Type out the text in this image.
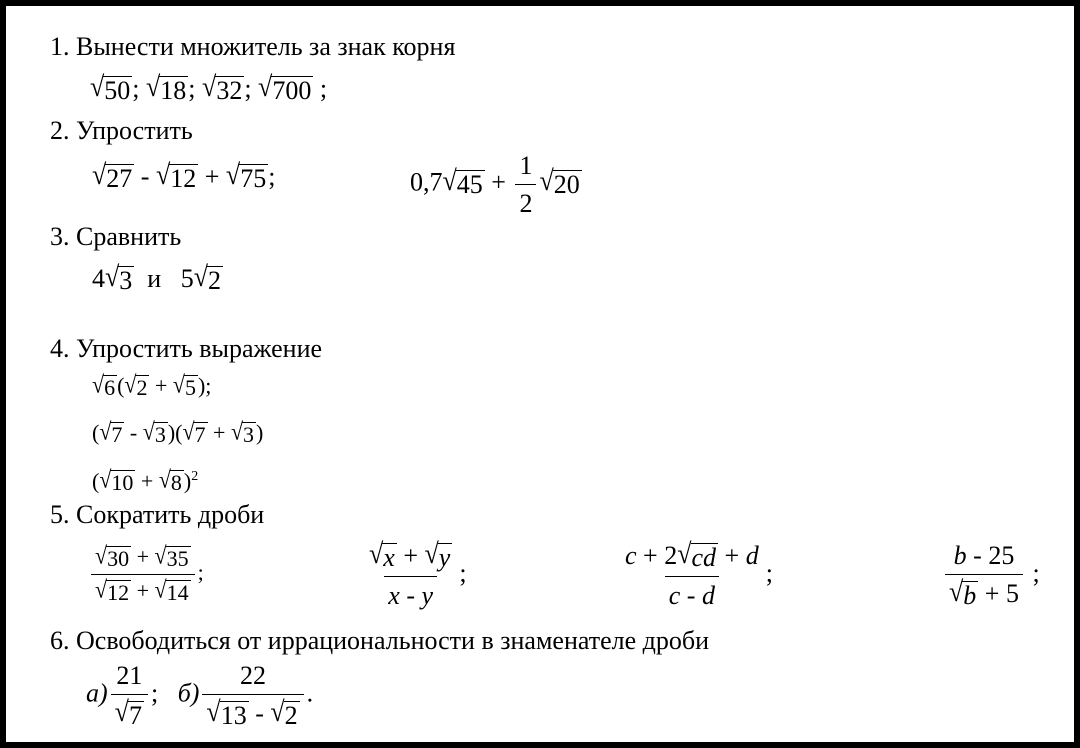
1. Вынести множитель за знак корня
√ 50 ; √ 18 ; √ 32 ; √ 700 ;
2. Упростить
√ 27 - √ 12 + √ 75 ;	0,7 √ $45 + \frac{1}{2}$ √ 20
3. Сравнить
4 √ 3 и 5 √ 2
4. Упростить выражение
√ 6 ( √ 2 + √ 5 );
( √ 7 - √ 3 )( √ 7 + √ 3 )
( √ 10 + √ 8 )$^2$
5. Сократить дроби
$\frac{√ 30 + √ 35}{√ 12 + √ 14}$ ;	$\frac{√ x + √ y}{x - y}$ ;	$\frac{c + 2 √ cd + d}{c - d}$ ;	$\frac{b - 25}{√ b + 5}$ ;
6. Освободиться от иррациональности в знаменателе дроби
$а) \frac{21}{√ 7}$ ;   $б) \frac{22}{√ 13 - √ 2}$ .
